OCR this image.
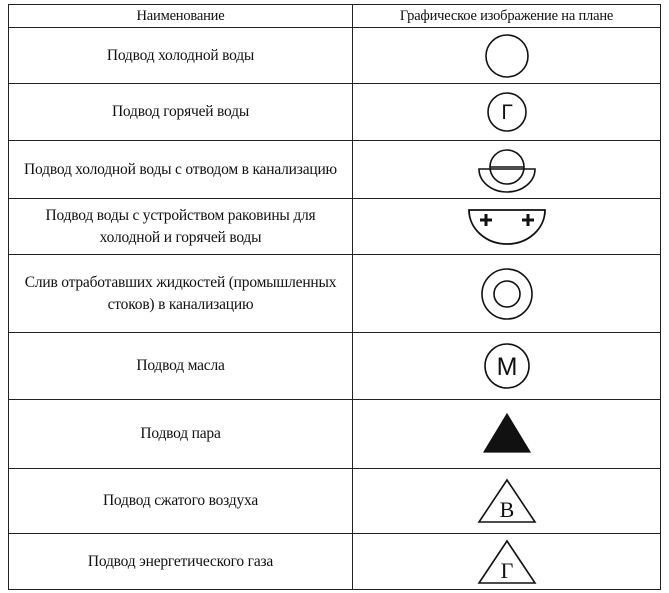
Наименование	Графическое изображение на плане
Подвод холодной воды	

Подвод горячей воды	Г

Подвод холодной воды с отводом в канализацию	

Подвод воды с устройством раковины для холодной и горячей воды	

Слив отработавших жидкостей (промышленных стоков) в канализацию	

Подвод масла	М

Подвод пара	

Подвод сжатого воздуха	В

Подвод энергетического газа	Г
